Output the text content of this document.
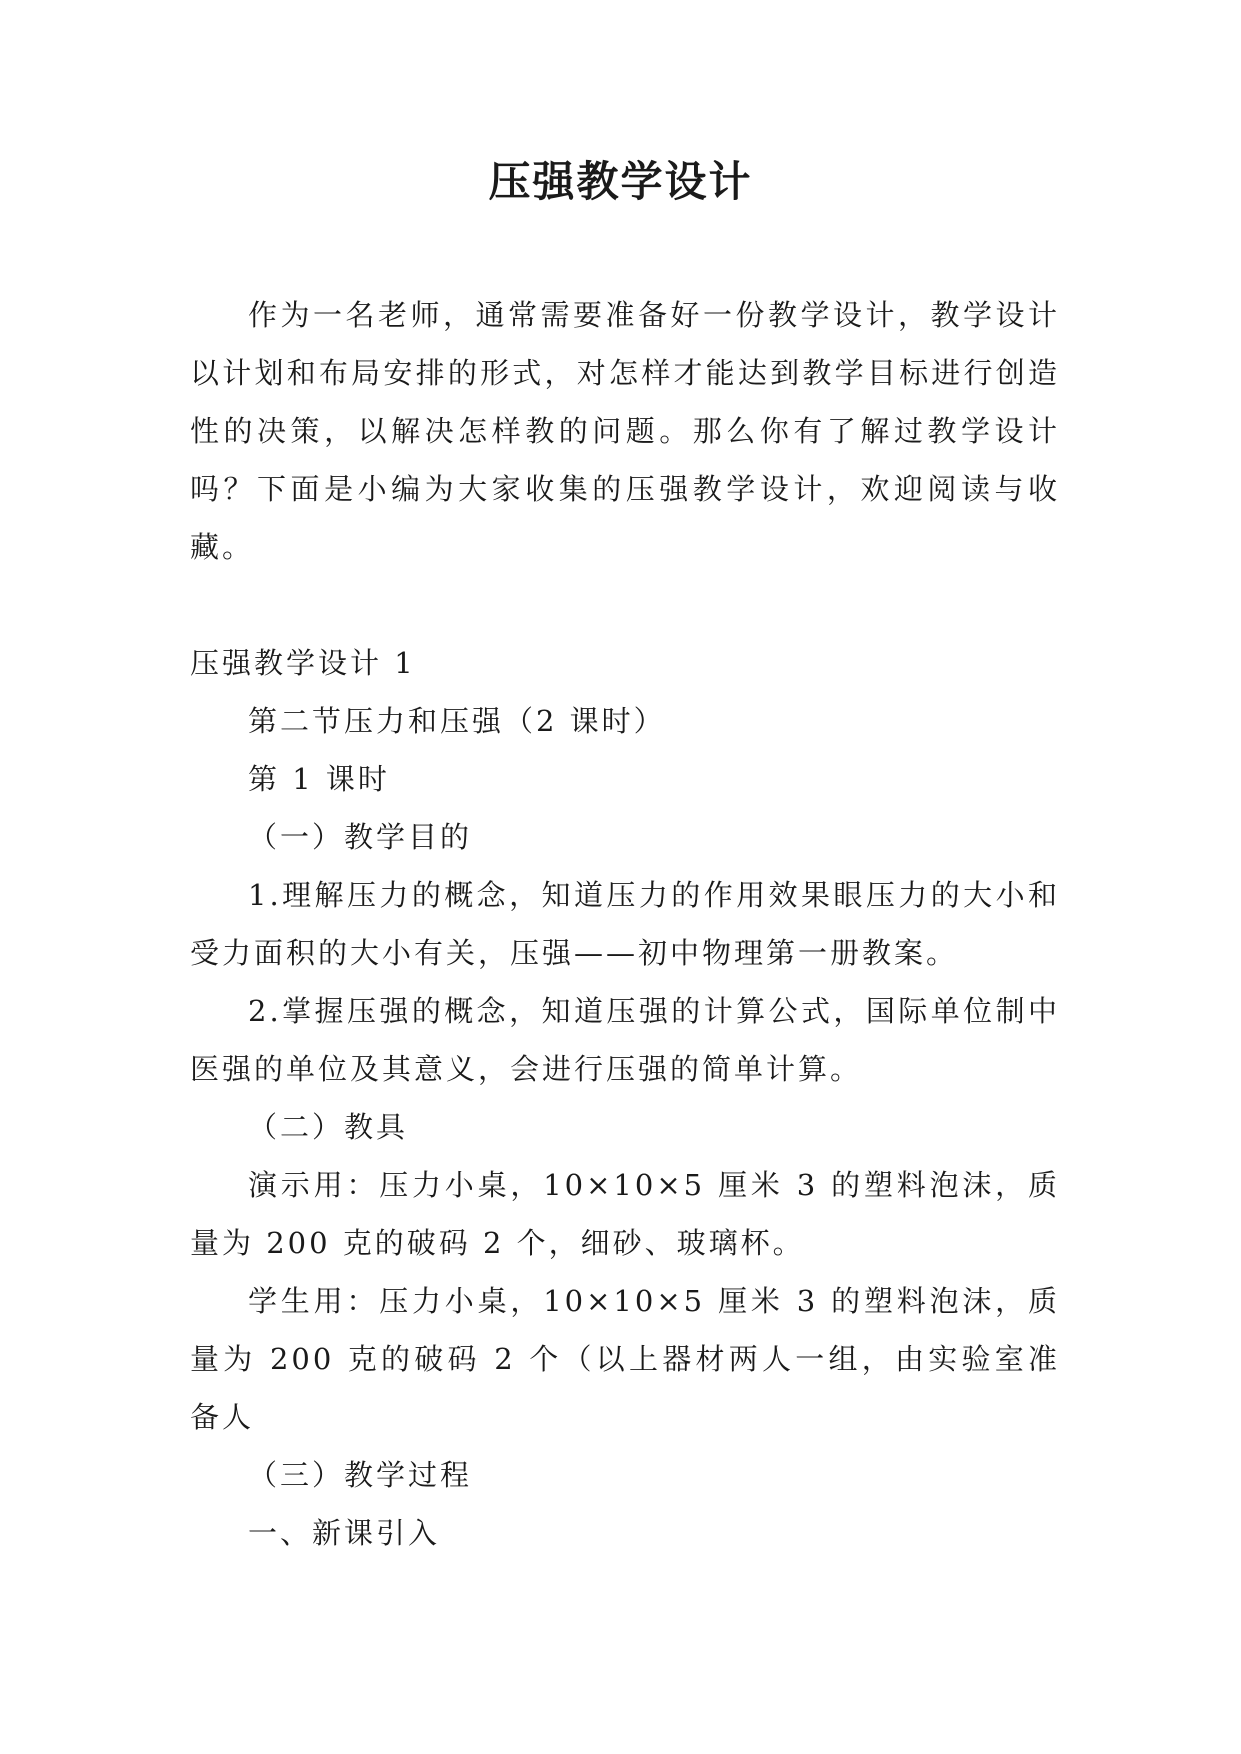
压强教学设计

作为一名老师，通常需要准备好一份教学设计，教学设计以计划和布局安排的形式，对怎样才能达到教学目标进行创造性的决策，以解决怎样教的问题。那么你有了解过教学设计吗？下面是小编为大家收集的压强教学设计，欢迎阅读与收藏。

压强教学设计 1

第二节压力和压强（2 课时）

第 1 课时

（一）教学目的

1.理解压力的概念，知道压力的作用效果眼压力的大小和受力面积的大小有关，压强——初中物理第一册教案。

2.掌握压强的概念，知道压强的计算公式，国际单位制中医强的单位及其意义，会进行压强的简单计算。

（二）教具

演示用：压力小桌，10×10×5 厘米 3 的塑料泡沫，质量为 200 克的破码 2 个，细砂、玻璃杯。

学生用：压力小桌，10×10×5 厘米 3 的塑料泡沫，质量为 200 克的破码 2 个（以上器材两人一组，由实验室准备人

（三）教学过程

一、新课引入
